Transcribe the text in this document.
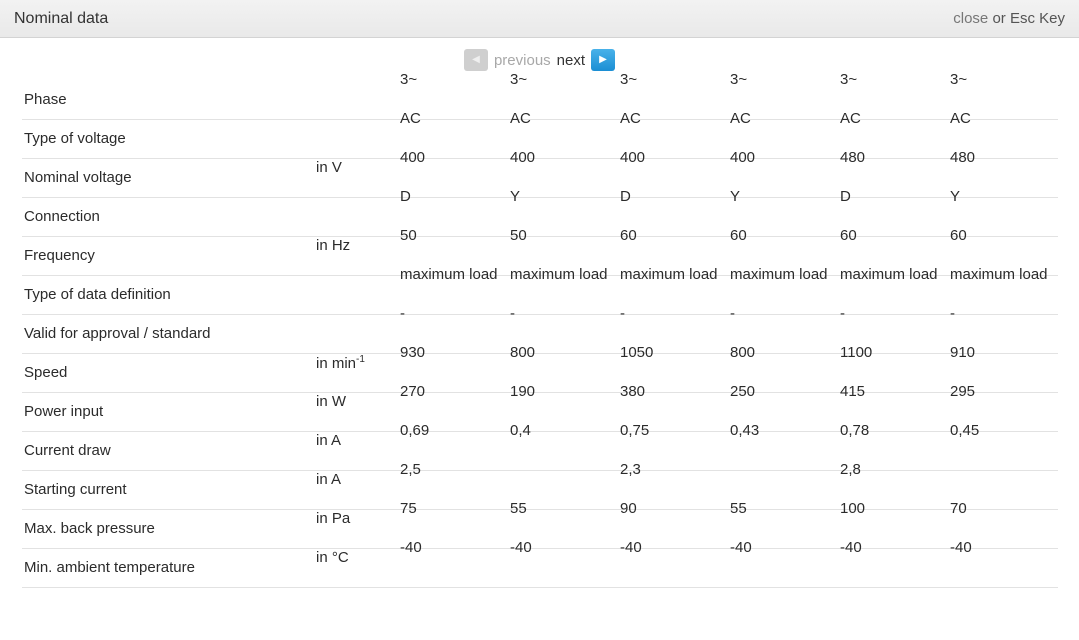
Nominal data	close or Esc Key
◀ previous next	▶
Phase		3~	3~	3~	3~	3~	3~

Type of voltage		AC	AC	AC	AC	AC	AC

Nominal voltage	in V	400	400	400	400	480	480

Connection		D	Y	D	Y	D	Y

Frequency	in Hz	50	50	60	60	60	60

Type of data definition		maximum load	maximum load	maximum load	maximum load	maximum load	maximum load

Valid for approval / standard		-	-	-	-	-	-

Speed	in $\min^{-1}$	930	800	1050	800	1100	910

Power input	in W	270	190	380	250	415	295

Current draw	in A	0,69	0,4	0,75	0,43	0,78	0,45

Starting current	in A	2,5		2,3		2,8	

Max. back pressure	in Pa	75	55	90	55	100	70

Min. ambient temperature	in °C	-40	-40	-40	-40	-40	-40
